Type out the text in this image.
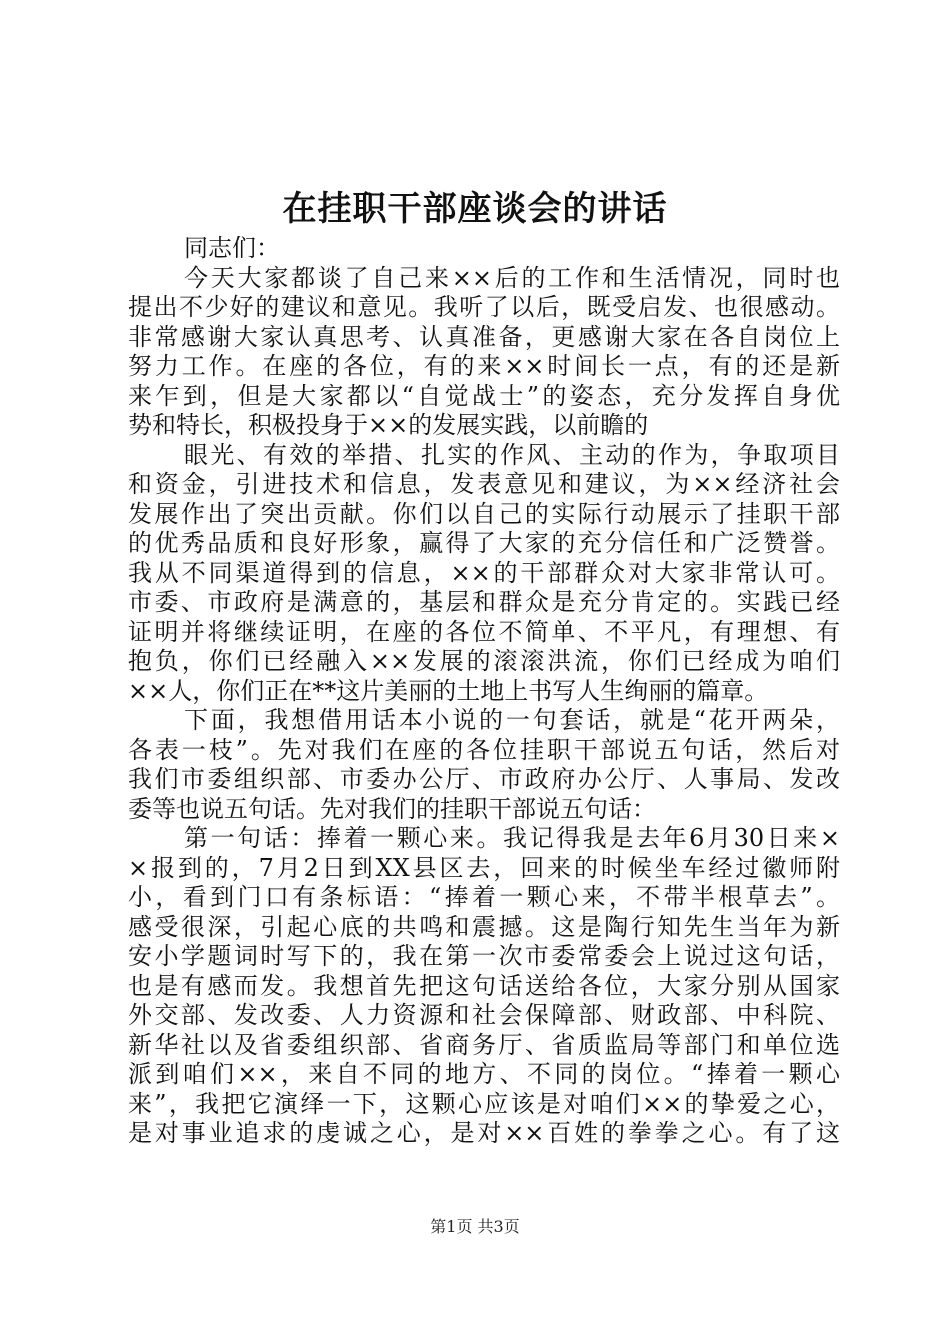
在挂职干部座谈会的讲话
同志们：
今天大家都谈了自己来××后的工作和生活情况，同时也
提出不少好的建议和意见。我听了以后，既受启发、也很感动。
非常感谢大家认真思考、认真准备，更感谢大家在各自岗位上
努力工作。在座的各位，有的来××时间长一点，有的还是新
来乍到，但是大家都以“自觉战士”的姿态，充分发挥自身优
势和特长，积极投身于××的发展实践，以前瞻的
眼光、有效的举措、扎实的作风、主动的作为，争取项目
和资金，引进技术和信息，发表意见和建议，为××经济社会
发展作出了突出贡献。你们以自己的实际行动展示了挂职干部
的优秀品质和良好形象，赢得了大家的充分信任和广泛赞誉。
我从不同渠道得到的信息，××的干部群众对大家非常认可。
市委、市政府是满意的，基层和群众是充分肯定的。实践已经
证明并将继续证明，在座的各位不简单、不平凡，有理想、有
抱负，你们已经融入××发展的滚滚洪流，你们已经成为咱们
××人，你们正在**这片美丽的土地上书写人生绚丽的篇章。
下面，我想借用话本小说的一句套话，就是“花开两朵，
各表一枝”。先对我们在座的各位挂职干部说五句话，然后对
我们市委组织部、市委办公厅、市政府办公厅、人事局、发改
委等也说五句话。先对我们的挂职干部说五句话：
第一句话：捧着一颗心来。我记得我是去年6月30日来×
×报到的，7月2日到XX县区去，回来的时候坐车经过徽师附
小，看到门口有条标语：“捧着一颗心来，不带半根草去”。
感受很深，引起心底的共鸣和震撼。这是陶行知先生当年为新
安小学题词时写下的，我在第一次市委常委会上说过这句话，
也是有感而发。我想首先把这句话送给各位，大家分别从国家
外交部、发改委、人力资源和社会保障部、财政部、中科院、
新华社以及省委组织部、省商务厅、省质监局等部门和单位选
派到咱们××，来自不同的地方、不同的岗位。“捧着一颗心
来”，我把它演绎一下，这颗心应该是对咱们××的挚爱之心，
是对事业追求的虔诚之心，是对××百姓的拳拳之心。有了这
第1页 共3页
